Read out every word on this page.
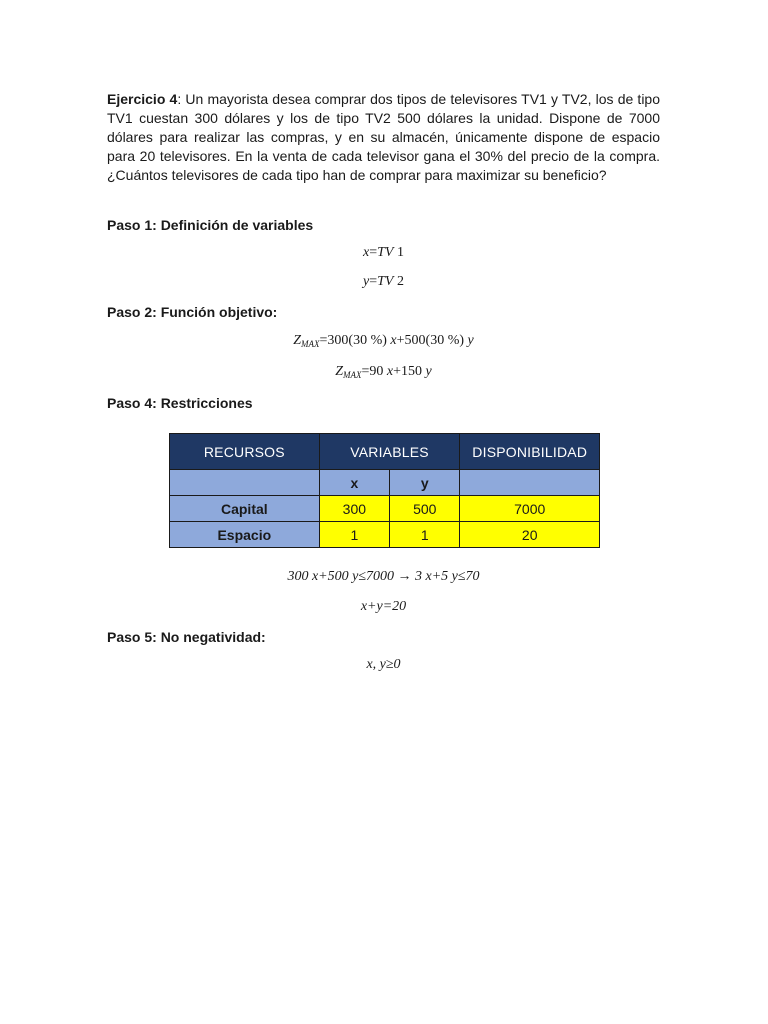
Ejercicio 4: Un mayorista desea comprar dos tipos de televisores TV1 y TV2, los de tipo TV1 cuestan 300 dólares y los de tipo TV2 500 dólares la unidad. Dispone de 7000 dólares para realizar las compras, y en su almacén, únicamente dispone de espacio para 20 televisores. En la venta de cada televisor gana el 30% del precio de la compra. ¿Cuántos televisores de cada tipo han de comprar para maximizar su beneficio?

Paso 1: Definición de variables

x=TV 1

y=TV 2

Paso 2: Función objetivo:

$Z_{MAX}=300(30$ %) x+500(30 %) y

$Z_{MAX}=90$ x+150 y

Paso 4: Restricciones

RECURSOS	VARIABLES		DISPONIBILIDAD
	x	y	
Capital	300	500	7000
Espacio	1	1	20

300 x+500 y≤7000 → 3 x+5 y≤70

x+y=20

Paso 5: No negatividad:

x, y≥0
